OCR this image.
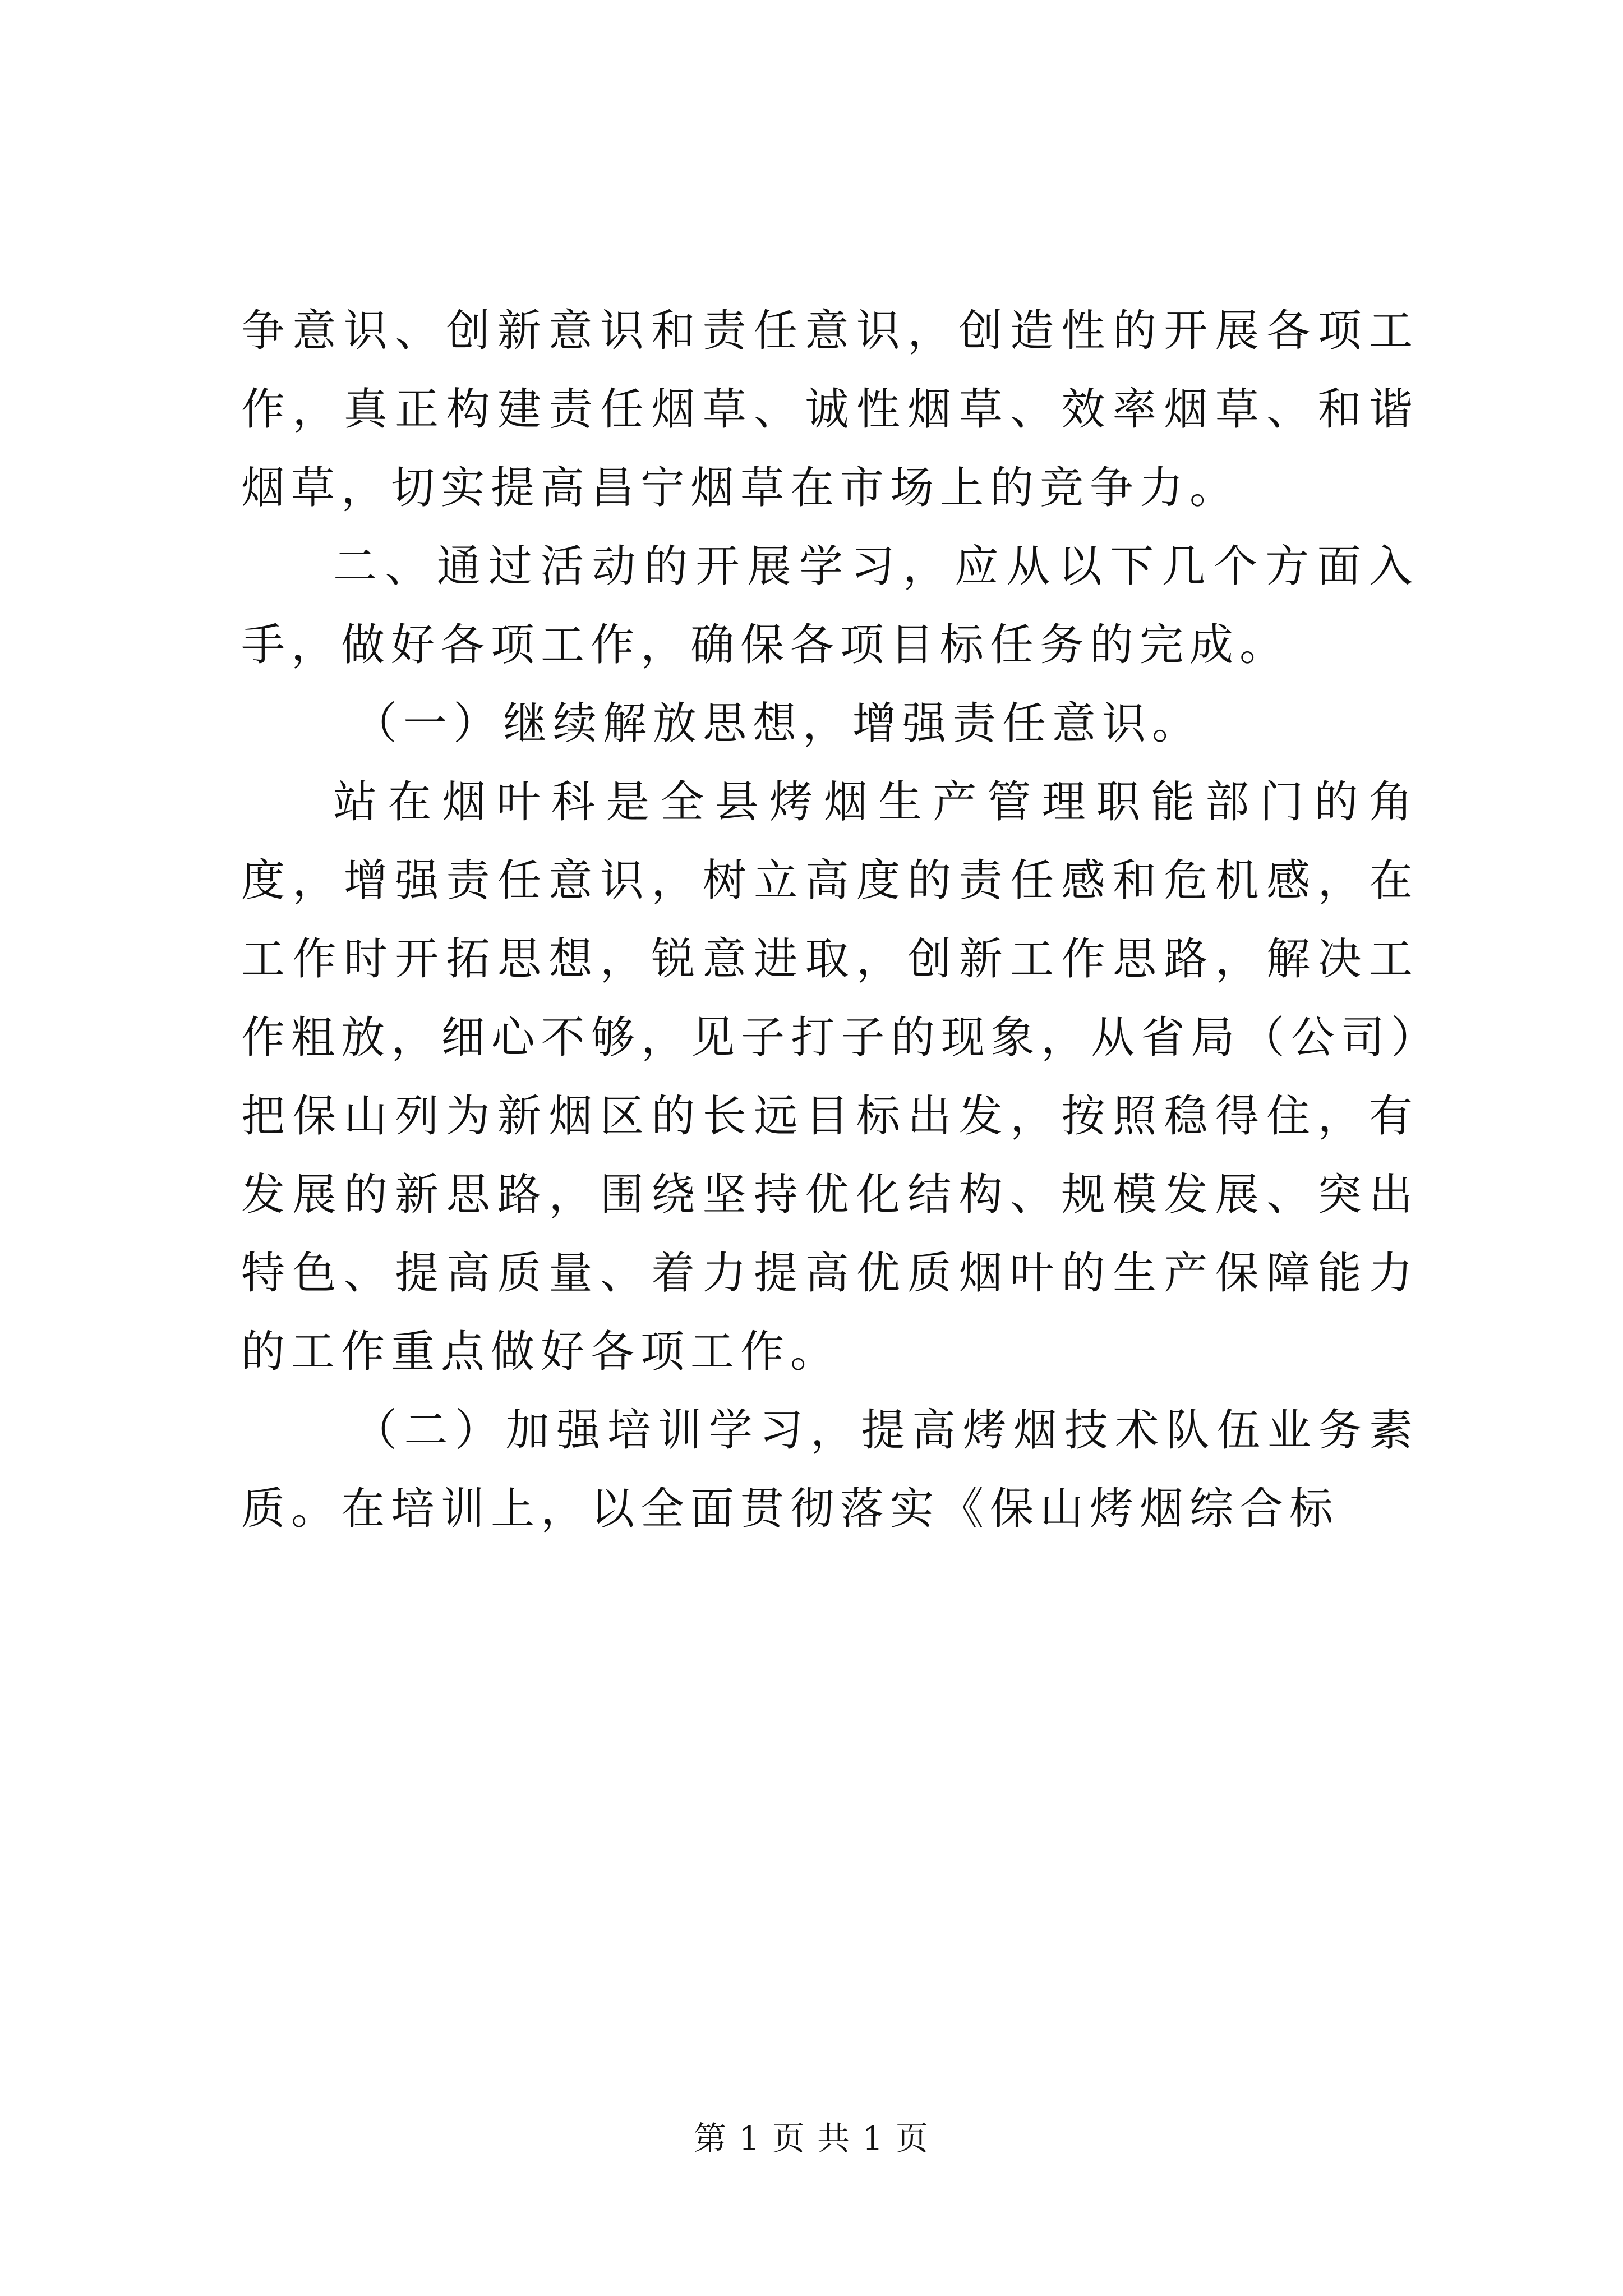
争意识、创新意识和责任意识，创造性的开展各项工作，真正构建责任烟草、诚性烟草、效率烟草、和谐烟草，切实提高昌宁烟草在市场上的竞争力。

二、通过活动的开展学习，应从以下几个方面入手，做好各项工作，确保各项目标任务的完成。

（一）继续解放思想，增强责任意识。

站在烟叶科是全县烤烟生产管理职能部门的角度，增强责任意识，树立高度的责任感和危机感，在工作时开拓思想，锐意进取，创新工作思路，解决工作粗放，细心不够，见子打子的现象，从省局（公司）把保山列为新烟区的长远目标出发，按照稳得住，有发展的新思路，围绕坚持优化结构、规模发展、突出特色、提高质量、着力提高优质烟叶的生产保障能力的工作重点做好各项工作。

（二）加强培训学习，提高烤烟技术队伍业务素质。在培训上，以全面贯彻落实《保山烤烟综合标

第 1 页 共 1 页
